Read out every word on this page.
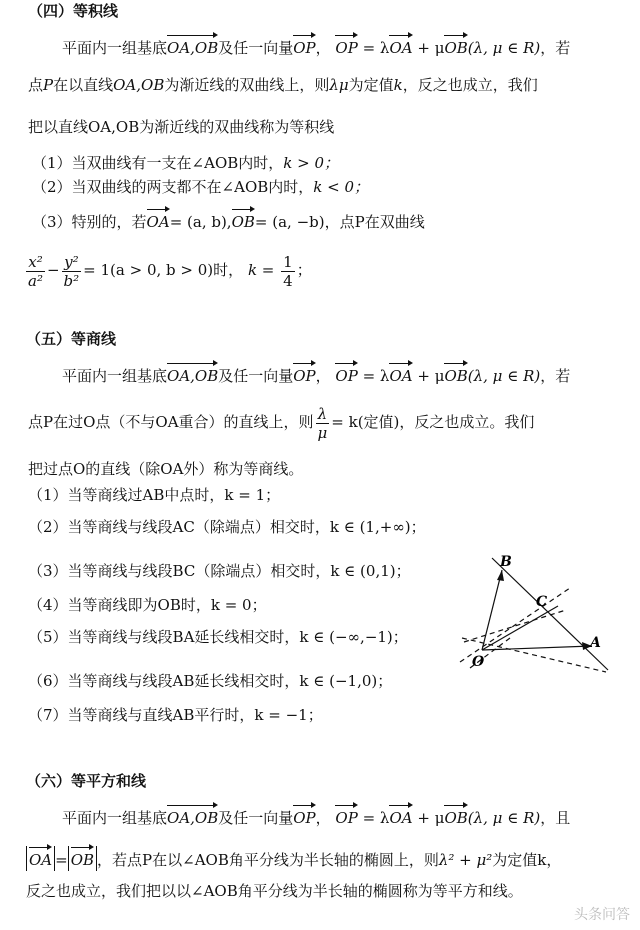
（四）等积线
平面内一组基底OA,OB及任一向量OP， OP = λOA + μOB(λ, μ ∈ R)，若
点P在以直线OA,OB为渐近线的双曲线上，则λμ为定值k，反之也成立，我们
把以直线OA,OB为渐近线的双曲线称为等积线
（1）当双曲线有一支在∠AOB内时，k > 0；
（2）当双曲线的两支都不在∠AOB内时，k < 0；
（3）特别的，若OA= (a, b),OB= (a, −b)，点P在双曲线
$\frac{\text{x²}}{\text{a²}} - \frac{\text{y²}}{\text{b²}} = 1(a > 0$, b > 0)时， $k = \frac{1}{4}$ ；
（五）等商线
平面内一组基底OA,OB及任一向量OP， OP = λOA + μOB(λ, μ ∈ R)，若
点P在过O点（不与OA重合）的直线上，则 $\frac{\lambda}{\mu} = k$(定值)，反之也成立。我们
把过点O的直线（除OA外）称为等商线。
（1）当等商线过AB中点时，k = 1；
（2）当等商线与线段AC（除端点）相交时，k ∈ (1,+∞)；
（3）当等商线与线段BC（除端点）相交时，k ∈ (0,1)；
（4）当等商线即为OB时，k = 0；
（5）当等商线与线段BA延长线相交时，k ∈ (−∞,−1)；
（6）当等商线与线段AB延长线相交时，k ∈ (−1,0)；
（7）当等商线与直线AB平行时，k = −1；
B
C
A
O
（六）等平方和线
平面内一组基底OA,OB及任一向量OP， OP = λOA + μOB(λ, μ ∈ R)，且
OA = OB ，若点P在以∠AOB角平分线为半长轴的椭圆上，则λ² + μ²为定值k，
反之也成立，我们把以以∠AOB角平分线为半长轴的椭圆称为等平方和线。
头条问答
